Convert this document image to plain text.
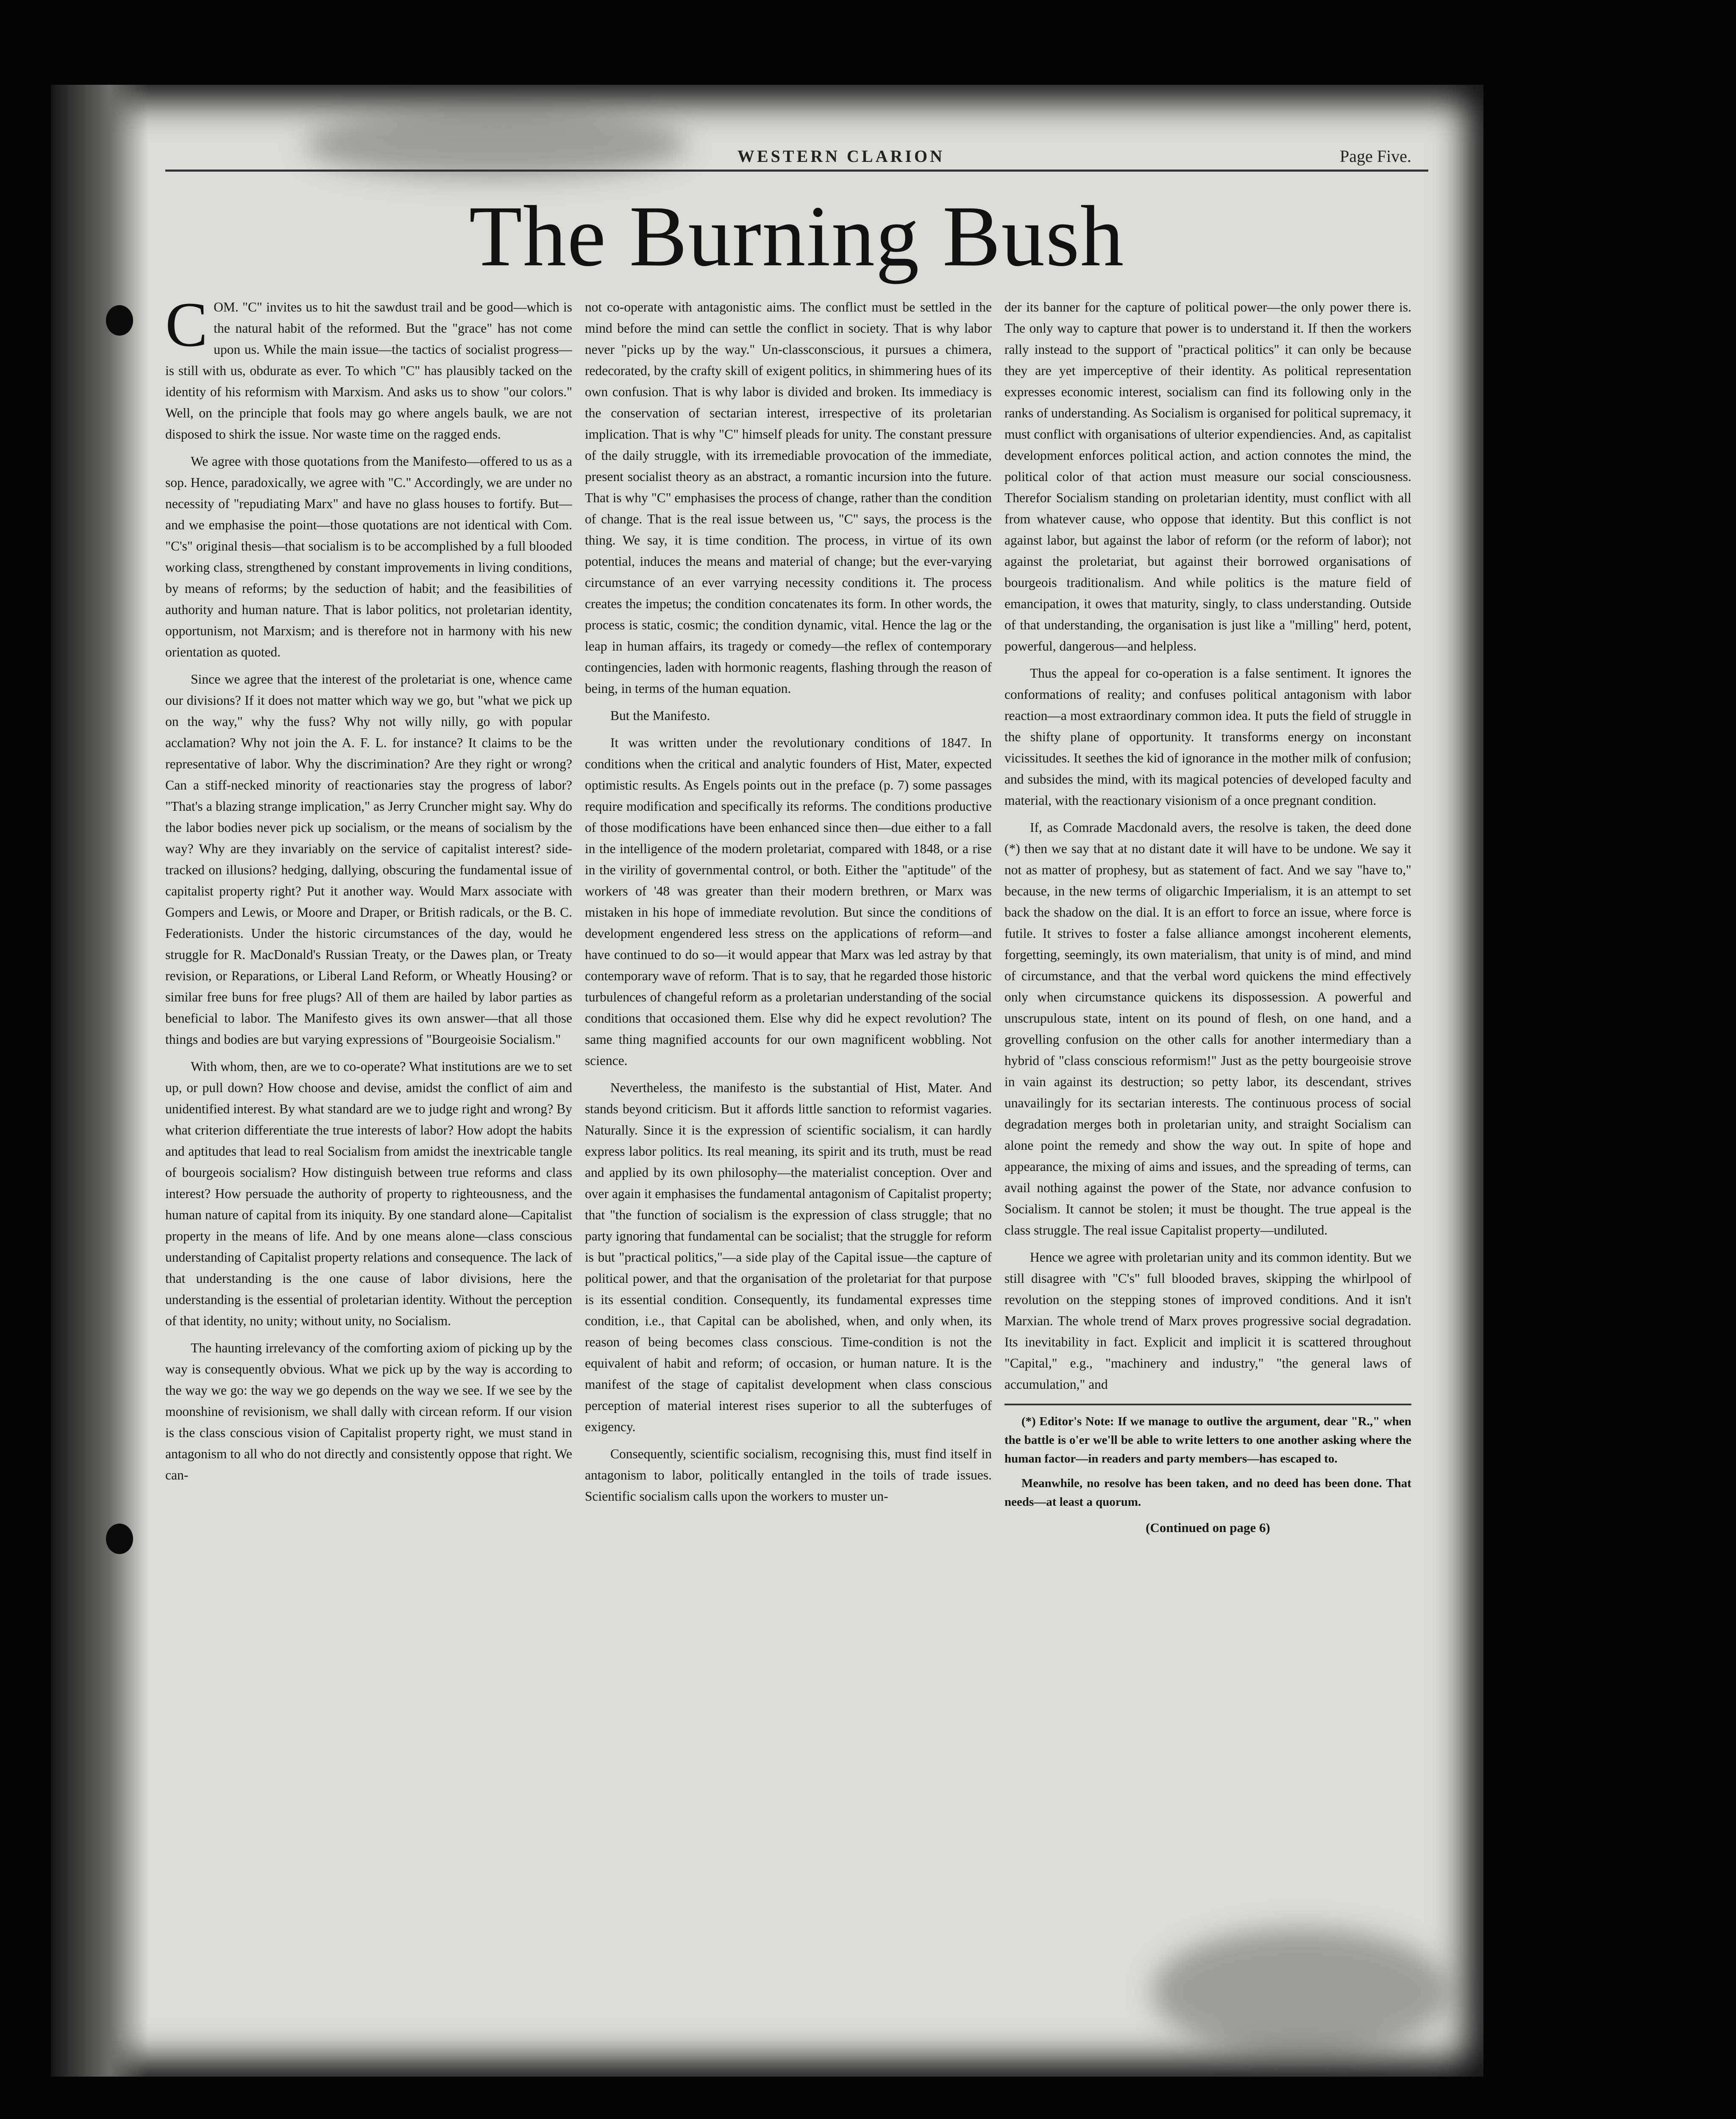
WESTERN CLARION	Page Five.
The Burning Bush

COM. "C" invites us to hit the sawdust trail and be good—which is the natural habit of the reformed. But the "grace" has not come upon us. While the main issue—the tactics of socialist progress—is still with us, obdurate as ever. To which "C" has plausibly tacked on the identity of his reformism with Marxism. And asks us to show "our colors." Well, on the principle that fools may go where angels baulk, we are not disposed to shirk the issue. Nor waste time on the ragged ends.

We agree with those quotations from the Manifesto—offered to us as a sop. Hence, paradoxically, we agree with "C." Accordingly, we are under no necessity of "repudiating Marx" and have no glass houses to fortify. But—and we emphasise the point—those quotations are not identical with Com. "C's" original thesis—that socialism is to be accomplished by a full blooded working class, strengthened by constant improvements in living conditions, by means of reforms; by the seduction of habit; and the feasibilities of authority and human nature. That is labor politics, not proletarian identity, opportunism, not Marxism; and is therefore not in harmony with his new orientation as quoted.

Since we agree that the interest of the proletariat is one, whence came our divisions? If it does not matter which way we go, but "what we pick up on the way," why the fuss? Why not willy nilly, go with popular acclamation? Why not join the A. F. L. for instance? It claims to be the representative of labor. Why the discrimination? Are they right or wrong? Can a stiff-necked minority of reactionaries stay the progress of labor? "That's a blazing strange implication," as Jerry Cruncher might say. Why do the labor bodies never pick up socialism, or the means of socialism by the way? Why are they invariably on the service of capitalist interest? side-tracked on illusions? hedging, dallying, obscuring the fundamental issue of capitalist property right? Put it another way. Would Marx associate with Gompers and Lewis, or Moore and Draper, or British radicals, or the B. C. Federationists. Under the historic circumstances of the day, would he struggle for R. MacDonald's Russian Treaty, or the Dawes plan, or Treaty revision, or Reparations, or Liberal Land Reform, or Wheatly Housing? or similar free buns for free plugs? All of them are hailed by labor parties as beneficial to labor. The Manifesto gives its own answer—that all those things and bodies are but varying expressions of "Bourgeoisie Socialism."

With whom, then, are we to co-operate? What institutions are we to set up, or pull down? How choose and devise, amidst the conflict of aim and unidentified interest. By what standard are we to judge right and wrong? By what criterion differentiate the true interests of labor? How adopt the habits and aptitudes that lead to real Socialism from amidst the inextricable tangle of bourgeois socialism? How distinguish between true reforms and class interest? How persuade the authority of property to righteousness, and the human nature of capital from its iniquity. By one standard alone—Capitalist property in the means of life. And by one means alone—class conscious understanding of Capitalist property relations and consequence. The lack of that understanding is the one cause of labor divisions, here the understanding is the essential of proletarian identity. Without the perception of that identity, no unity; without unity, no Socialism.

The haunting irrelevancy of the comforting axiom of picking up by the way is consequently obvious. What we pick up by the way is according to the way we go: the way we go depends on the way we see. If we see by the moonshine of revisionism, we shall dally with circean reform. If our vision is the class conscious vision of Capitalist property right, we must stand in antagonism to all who do not directly and consistently oppose that right. We can-

not co-operate with antagonistic aims. The conflict must be settled in the mind before the mind can settle the conflict in society. That is why labor never "picks up by the way." Un-classconscious, it pursues a chimera, redecorated, by the crafty skill of exigent politics, in shimmering hues of its own confusion. That is why labor is divided and broken. Its immediacy is the conservation of sectarian interest, irrespective of its proletarian implication. That is why "C" himself pleads for unity. The constant pressure of the daily struggle, with its irremediable provocation of the immediate, present socialist theory as an abstract, a romantic incursion into the future. That is why "C" emphasises the process of change, rather than the condition of change. That is the real issue between us, "C" says, the process is the thing. We say, it is time condition. The process, in virtue of its own potential, induces the means and material of change; but the ever-varying circumstance of an ever varrying necessity conditions it. The process creates the impetus; the condition concatenates its form. In other words, the process is static, cosmic; the condition dynamic, vital. Hence the lag or the leap in human affairs, its tragedy or comedy—the reflex of contemporary contingencies, laden with hormonic reagents, flashing through the reason of being, in terms of the human equation.

But the Manifesto.

It was written under the revolutionary conditions of 1847. In conditions when the critical and analytic founders of Hist, Mater, expected optimistic results. As Engels points out in the preface (p. 7) some passages require modification and specifically its reforms. The conditions productive of those modifications have been enhanced since then—due either to a fall in the intelligence of the modern proletariat, compared with 1848, or a rise in the virility of governmental control, or both. Either the "aptitude" of the workers of '48 was greater than their modern brethren, or Marx was mistaken in his hope of immediate revolution. But since the conditions of development engendered less stress on the applications of reform—and have continued to do so—it would appear that Marx was led astray by that contemporary wave of reform. That is to say, that he regarded those historic turbulences of changeful reform as a proletarian understanding of the social conditions that occasioned them. Else why did he expect revolution? The same thing magnified accounts for our own magnificent wobbling. Not science.

Nevertheless, the manifesto is the substantial of Hist, Mater. And stands beyond criticism. But it affords little sanction to reformist vagaries. Naturally. Since it is the expression of scientific socialism, it can hardly express labor politics. Its real meaning, its spirit and its truth, must be read and applied by its own philosophy—the materialist conception. Over and over again it emphasises the fundamental antagonism of Capitalist property; that "the function of socialism is the expression of class struggle; that no party ignoring that fundamental can be socialist; that the struggle for reform is but "practical politics,"—a side play of the Capital issue—the capture of political power, and that the organisation of the proletariat for that purpose is its essential condition. Consequently, its fundamental expresses time condition, i.e., that Capital can be abolished, when, and only when, its reason of being becomes class conscious. Time-condition is not the equivalent of habit and reform; of occasion, or human nature. It is the manifest of the stage of capitalist development when class conscious perception of material interest rises superior to all the subterfuges of exigency.

Consequently, scientific socialism, recognising this, must find itself in antagonism to labor, politically entangled in the toils of trade issues. Scientific socialism calls upon the workers to muster un-

der its banner for the capture of political power—the only power there is. The only way to capture that power is to understand it. If then the workers rally instead to the support of "practical politics" it can only be because they are yet imperceptive of their identity. As political representation expresses economic interest, socialism can find its following only in the ranks of understanding. As Socialism is organised for political supremacy, it must conflict with organisations of ulterior expendiencies. And, as capitalist development enforces political action, and action connotes the mind, the political color of that action must measure our social consciousness. Therefor Socialism standing on proletarian identity, must conflict with all from whatever cause, who oppose that identity. But this conflict is not against labor, but against the labor of reform (or the reform of labor); not against the proletariat, but against their borrowed organisations of bourgeois traditionalism. And while politics is the mature field of emancipation, it owes that maturity, singly, to class understanding. Outside of that understanding, the organisation is just like a "milling" herd, potent, powerful, dangerous—and helpless.

Thus the appeal for co-operation is a false sentiment. It ignores the conformations of reality; and confuses political antagonism with labor reaction—a most extraordinary common idea. It puts the field of struggle in the shifty plane of opportunity. It transforms energy on inconstant vicissitudes. It seethes the kid of ignorance in the mother milk of confusion; and subsides the mind, with its magical potencies of developed faculty and material, with the reactionary visionism of a once pregnant condition.

If, as Comrade Macdonald avers, the resolve is taken, the deed done (*) then we say that at no distant date it will have to be undone. We say it not as matter of prophesy, but as statement of fact. And we say "have to," because, in the new terms of oligarchic Imperialism, it is an attempt to set back the shadow on the dial. It is an effort to force an issue, where force is futile. It strives to foster a false alliance amongst incoherent elements, forgetting, seemingly, its own materialism, that unity is of mind, and mind of circumstance, and that the verbal word quickens the mind effectively only when circumstance quickens its dispossession. A powerful and unscrupulous state, intent on its pound of flesh, on one hand, and a grovelling confusion on the other calls for another intermediary than a hybrid of "class conscious reformism!" Just as the petty bourgeoisie strove in vain against its destruction; so petty labor, its descendant, strives unavailingly for its sectarian interests. The continuous process of social degradation merges both in proletarian unity, and straight Socialism can alone point the remedy and show the way out. In spite of hope and appearance, the mixing of aims and issues, and the spreading of terms, can avail nothing against the power of the State, nor advance confusion to Socialism. It cannot be stolen; it must be thought. The true appeal is the class struggle. The real issue Capitalist property—undiluted.

Hence we agree with proletarian unity and its common identity. But we still disagree with "C's" full blooded braves, skipping the whirlpool of revolution on the stepping stones of improved conditions. And it isn't Marxian. The whole trend of Marx proves progressive social degradation. Its inevitability in fact. Explicit and implicit it is scattered throughout "Capital," e.g., "machinery and industry," "the general laws of accumulation," and

(*) Editor's Note: If we manage to outlive the argument, dear "R.," when the battle is o'er we'll be able to write letters to one another asking where the human factor—in readers and party members—has escaped to.

Meanwhile, no resolve has been taken, and no deed has been done. That needs—at least a quorum.

(Continued on page 6)
